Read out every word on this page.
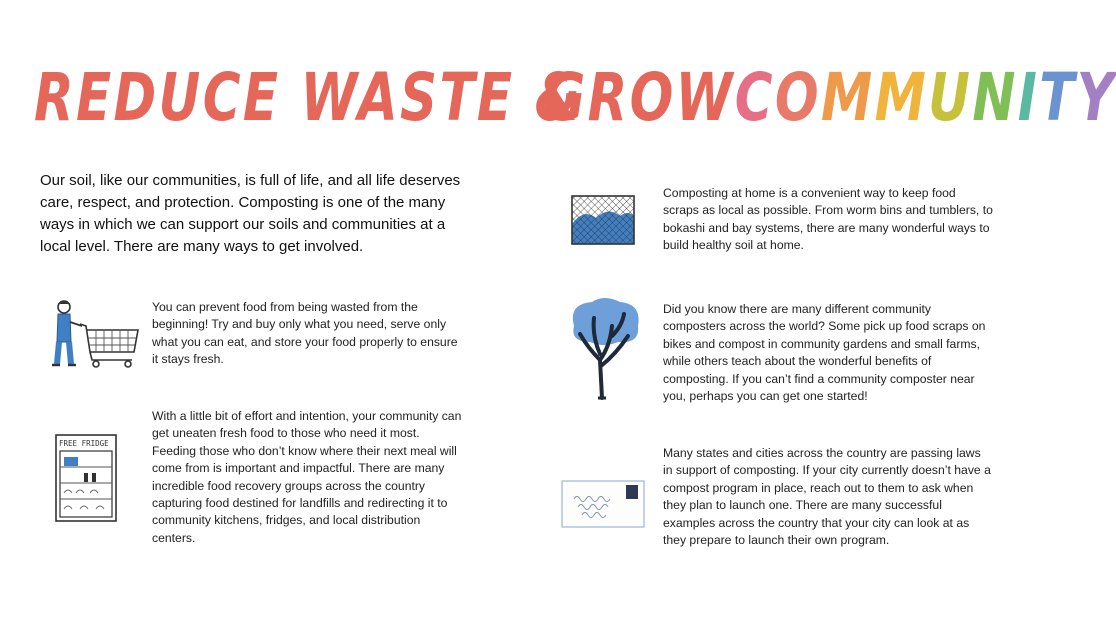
REDUCE WASTE &
GROWCOMMUNITY
Our soil, like our communities, is full of life, and all life deserves care, respect, and protection. Composting is one of the many ways in which we can support our soils and communities at a local level. There are many ways to get involved.
FREE FRIDGE

You can prevent food from being wasted from the beginning! Try and buy only what you need, serve only what you can eat, and store your food properly to ensure it stays fresh.

With a little bit of effort and intention, your community can get uneaten fresh food to those who need it most. Feeding those who don’t know where their next meal will come from is important and impactful. There are many incredible food recovery groups across the country capturing food destined for landfills and redirecting it to community kitchens, fridges, and local distribution centers.

Composting at home is a convenient way to keep food scraps as local as possible. From worm bins and tumblers, to bokashi and bay systems, there are many wonderful ways to build healthy soil at home.

Did you know there are many different community composters across the world? Some pick up food scraps on bikes and compost in community gardens and small farms, while others teach about the wonderful benefits of composting. If you can’t find a community composter near you, perhaps you can get one started!

Many states and cities across the country are passing laws in support of composting. If your city currently doesn’t have a compost program in place, reach out to them to ask when they plan to launch one. There are many successful examples across the country that your city can look at as they prepare to launch their own program.
